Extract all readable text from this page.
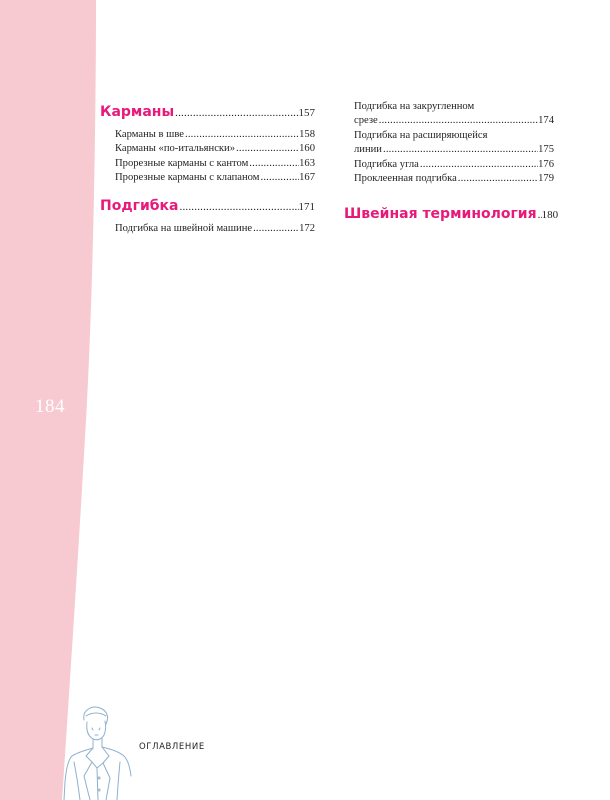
184
ОГЛАВЛЕНИЕ
Карманы .....	157
Карманы в шве .....	158
Карманы «по-итальянски» .....	160
Прорезные карманы с кантом .....	163
Прорезные карманы с клапаном .....	167
Подгибка .....	171
Подгибка на швейной машине .....	172
Подгибка на закругленном
срезе .....	174
Подгибка на расширяющейся
линии .....	175
Подгибка угла .....	176
Проклеенная подгибка .....	179
Швейная терминология ..... 180
